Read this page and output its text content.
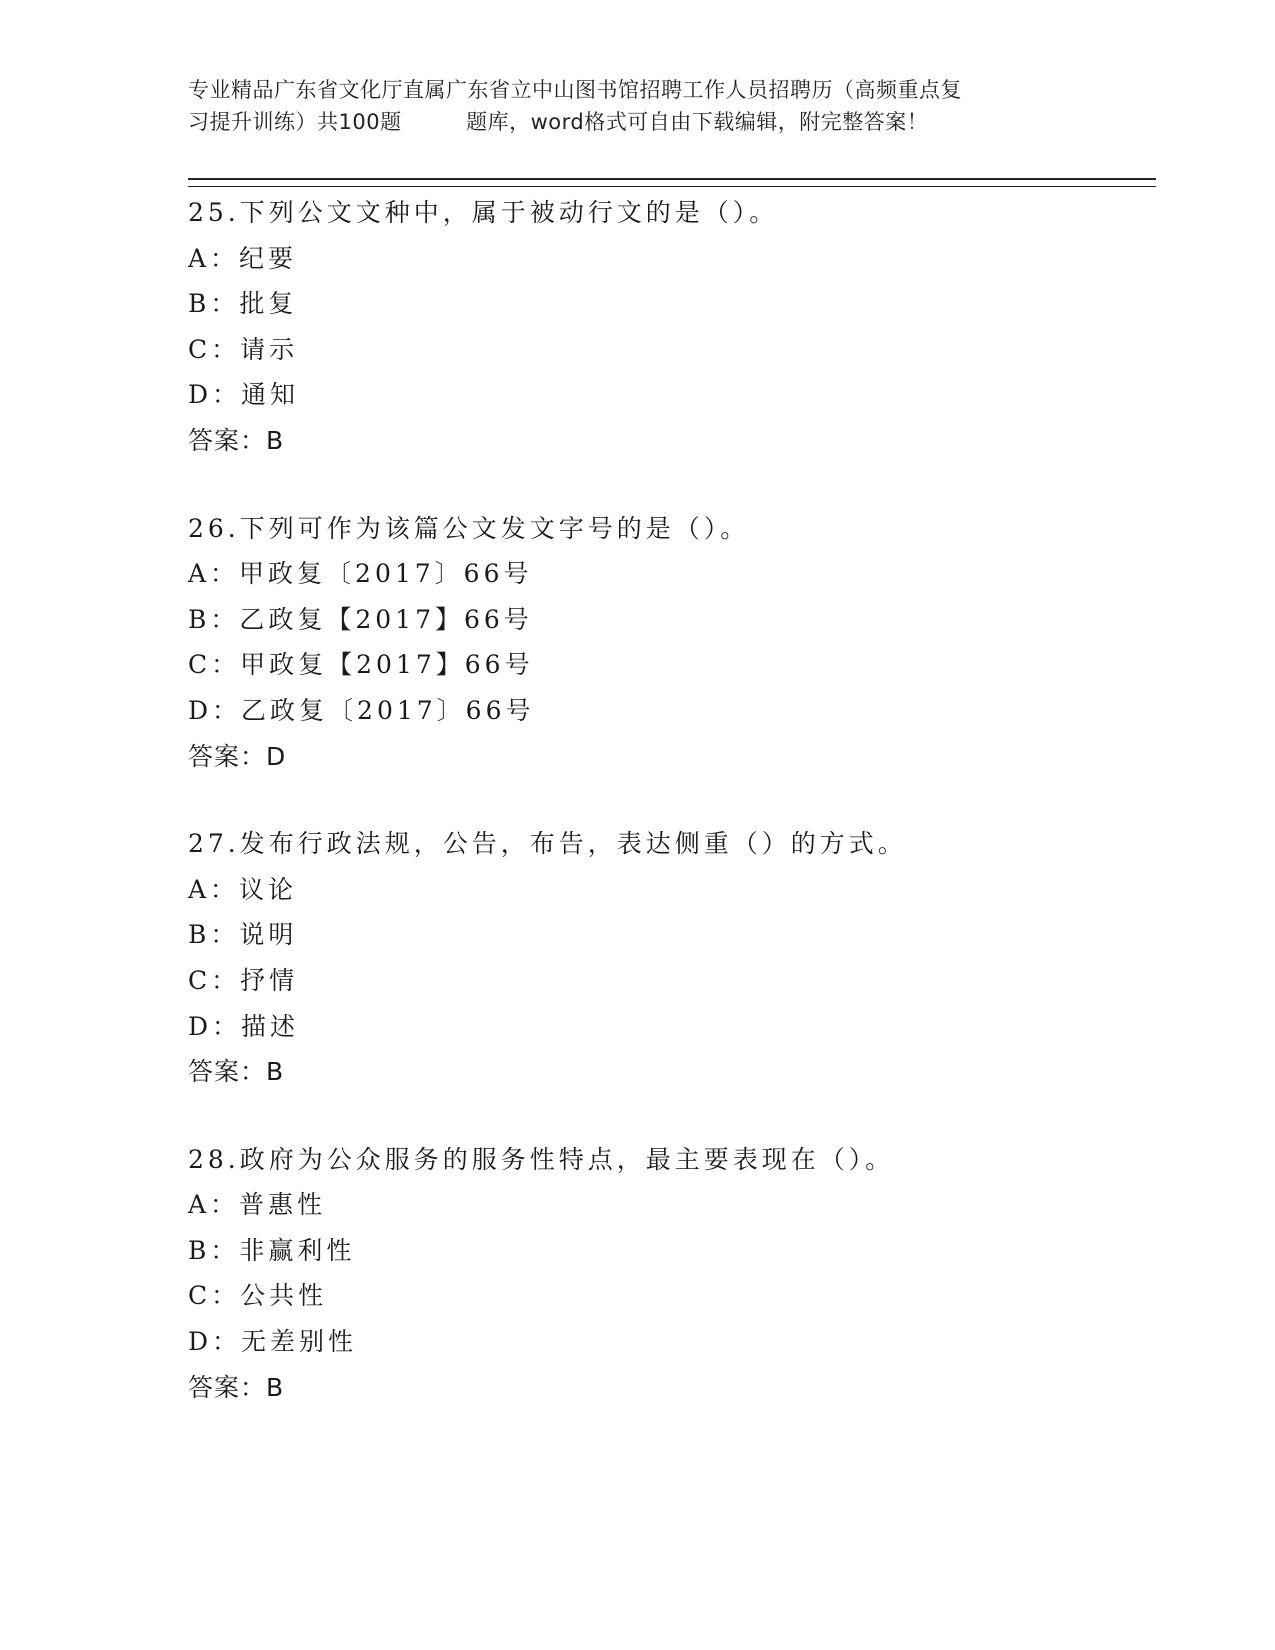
专业精品广东省文化厅直属广东省立中山图书馆招聘工作人员招聘历（高频重点复
习提升训练）共100题　　　题库，word格式可自由下载编辑，附完整答案！
25.下列公文文种中，属于被动行文的是（）。
A：纪要
B：批复
C：请示
D：通知
答案：B
26.下列可作为该篇公文发文字号的是（）。
A：甲政复〔2017〕66号
B：乙政复【2017】66号
C：甲政复【2017】66号
D：乙政复〔2017〕66号
答案：D
27.发布行政法规，公告，布告，表达侧重（）的方式。
A：议论
B：说明
C：抒情
D：描述
答案：B
28.政府为公众服务的服务性特点，最主要表现在（）。
A：普惠性
B：非赢利性
C：公共性
D：无差别性
答案：B
